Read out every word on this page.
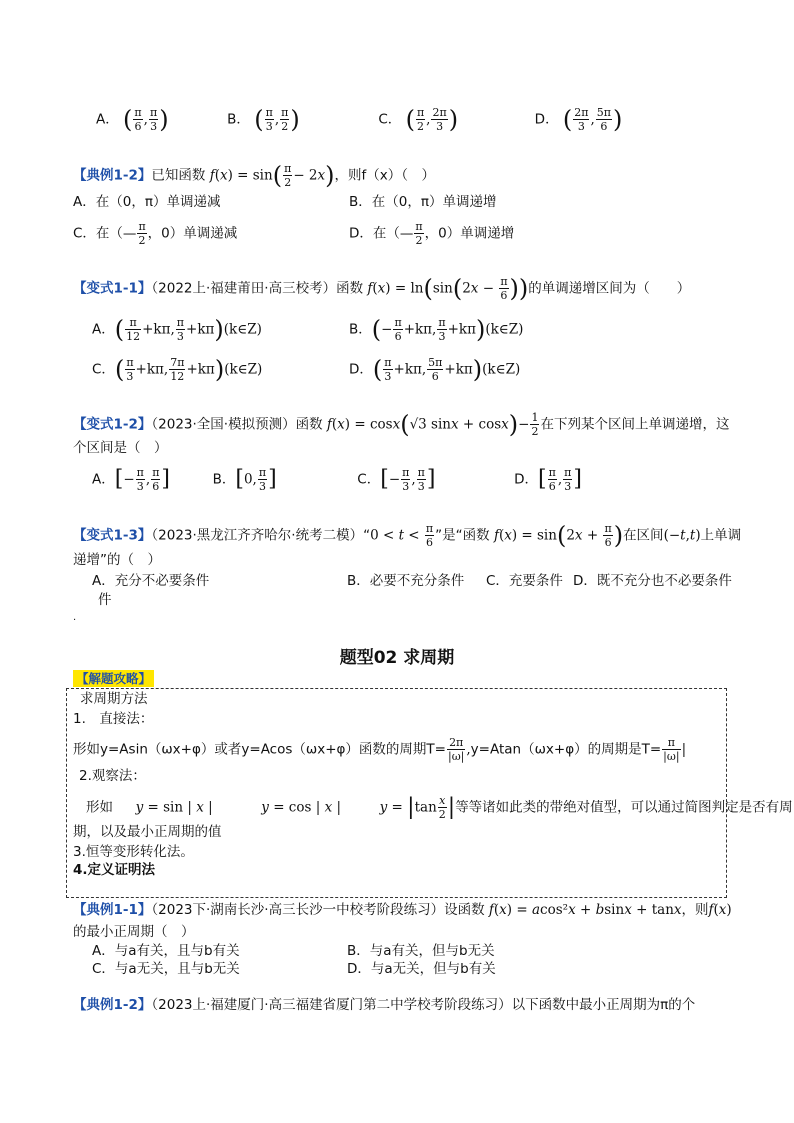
A． ( $\frac{\pi}{6}$ , $\frac{\pi}{3}$ )	B． ( $\frac{\pi}{3}$ , $\frac{\pi}{2}$ )	C． ( $\frac{\pi}{2}$ , $\frac{2\pi}{3}$ )	D． ( $\frac{2\pi}{3}$ , $\frac{5\pi}{6}$ )
【典例1-2】已知函数 $f(x) = \sin( \frac{\pi}{2} - 2x)$，则f（x）（　）
A．在（0，π）单调递减	B．在（0，π）单调递增
C．在（— $\frac{\pi}{2}$ ，0）单调递减	D．在（— $\frac{\pi}{2}$ ，0）单调递增
【变式1-1】（2022上·福建莆田·高三校考）函数 $f(x) = \ln(\sin(2x - \frac{\pi}{6}$ ))的单调递增区间为（　　）
A．( $\frac{\pi}{12} +k\pi$, $\frac{\pi}{3}$ +kπ)(k∈Z)	B．(− $\frac{\pi}{6} +k\pi$, $\frac{\pi}{3}$ +kπ)(k∈Z)
C．( $\frac{\pi}{3} +k\pi$, $\frac{7\pi}{12}$ +kπ)(k∈Z)	D．( $\frac{\pi}{3} +k\pi$, $\frac{5\pi}{6}$ +kπ)(k∈Z)
【变式1-2】（2023·全国·模拟预测）函数 f(x) = cosx(√3 $\sin x + \cos x)- \frac{1}{2}$ 在下列某个区间上单调递增，这
个区间是（　）
A．[− $\frac{\pi}{3}$ , $\frac{\pi}{6}$ ]	B．[0, $\frac{\pi}{3}$ ]	C．[− $\frac{\pi}{3}$ , $\frac{\pi}{3}$ ]	D．[ $\frac{\pi}{6}$ , $\frac{\pi}{3}$ ]
【变式1-3】（2023·黑龙江齐齐哈尔·统考二模）“0 < $t < \frac{\pi}{6}$ ”是“函数 $f(x) = \sin(2x + \frac{\pi}{6}$ )在区间(−t,t)上单调
递增”的（　）
A．充分不必要条件
件
B．必要不充分条件 C．充要条件 D．既不充分也不必要条件
.
题型02 求周期
【解题攻略】
求周期方法
1.　直接法：
形如y=Asin（ωx+φ）或者y=Acos（ωx+φ）函数的周期$T= \frac{2\pi}{|\omega|} ,y=Atan(\omega x+\varphi)$的周期是$T= \frac{\pi}{|\omega|}$ |
2.观察法：
形如 y = sin | x |	y = cos | x |	$y = |\tan \frac{x}{2}$ |等等诸如此类的带绝对值型，可以通过简图判定是否有周
期，以及最小正周期的值
3.恒等变形转化法。
4.定义证明法
【典例1-1】（2023下·湖南长沙·高三长沙一中校考阶段练习）设函数 f(x) = acos²x + bsinx + tanx，则f(x)
的最小正周期（　）
A．与a有关，且与b有关	B．与a有关，但与b无关
C．与a无关，且与b无关	D．与a无关，但与b有关
【典例1-2】（2023上·福建厦门·高三福建省厦门第二中学校考阶段练习）以下函数中最小正周期为π的个
